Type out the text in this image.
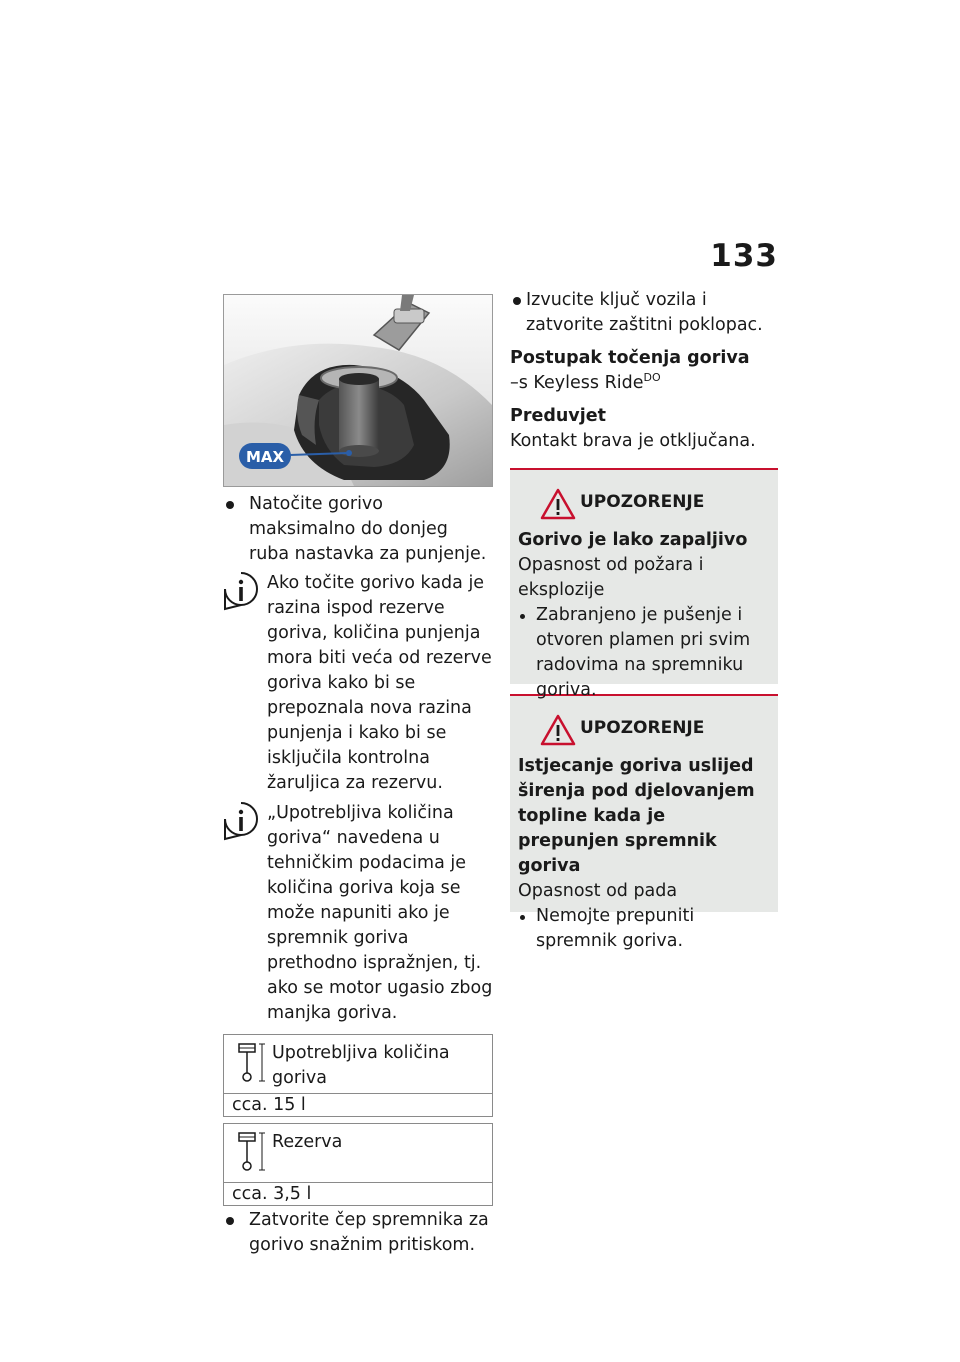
133
MAX

Natočite gorivo maksimalno do donjeg ruba nastavka za punjenje.

Ako točite gorivo kada je razina ispod rezerve goriva, količina punjenja mora biti veća od rezerve goriva kako bi se prepoznala nova razina punjenja i kako bi se isključila kontrolna žaruljica za rezervu.

„Upotrebljiva količina goriva“ navedena u tehničkim podacima je količina goriva koja se može napuniti ako je spremnik goriva prethodno ispražnjen, tj. ako se motor ugasio zbog manjka goriva.

Upotrebljiva količina goriva
cca. 15 l
Rezerva
cca. 3,5 l

Zatvorite čep spremnika za gorivo snažnim pritiskom.

Izvucite ključ vozila i zatvorite zaštitni poklopac.

Postupak točenja goriva

–s Keyless Ride$^{DO}$

Preduvjet

Kontakt brava je otključana.

UPOZORENJE

Gorivo je lako zapaljivo

Opasnost od požara i eksplozije

Zabranjeno je pušenje i otvoren plamen pri svim radovima na spremniku goriva.

UPOZORENJE

Istjecanje goriva uslijed širenja pod djelovanjem topline kada je prepunjen spremnik goriva

Opasnost od pada

Nemojte prepuniti spremnik goriva.
